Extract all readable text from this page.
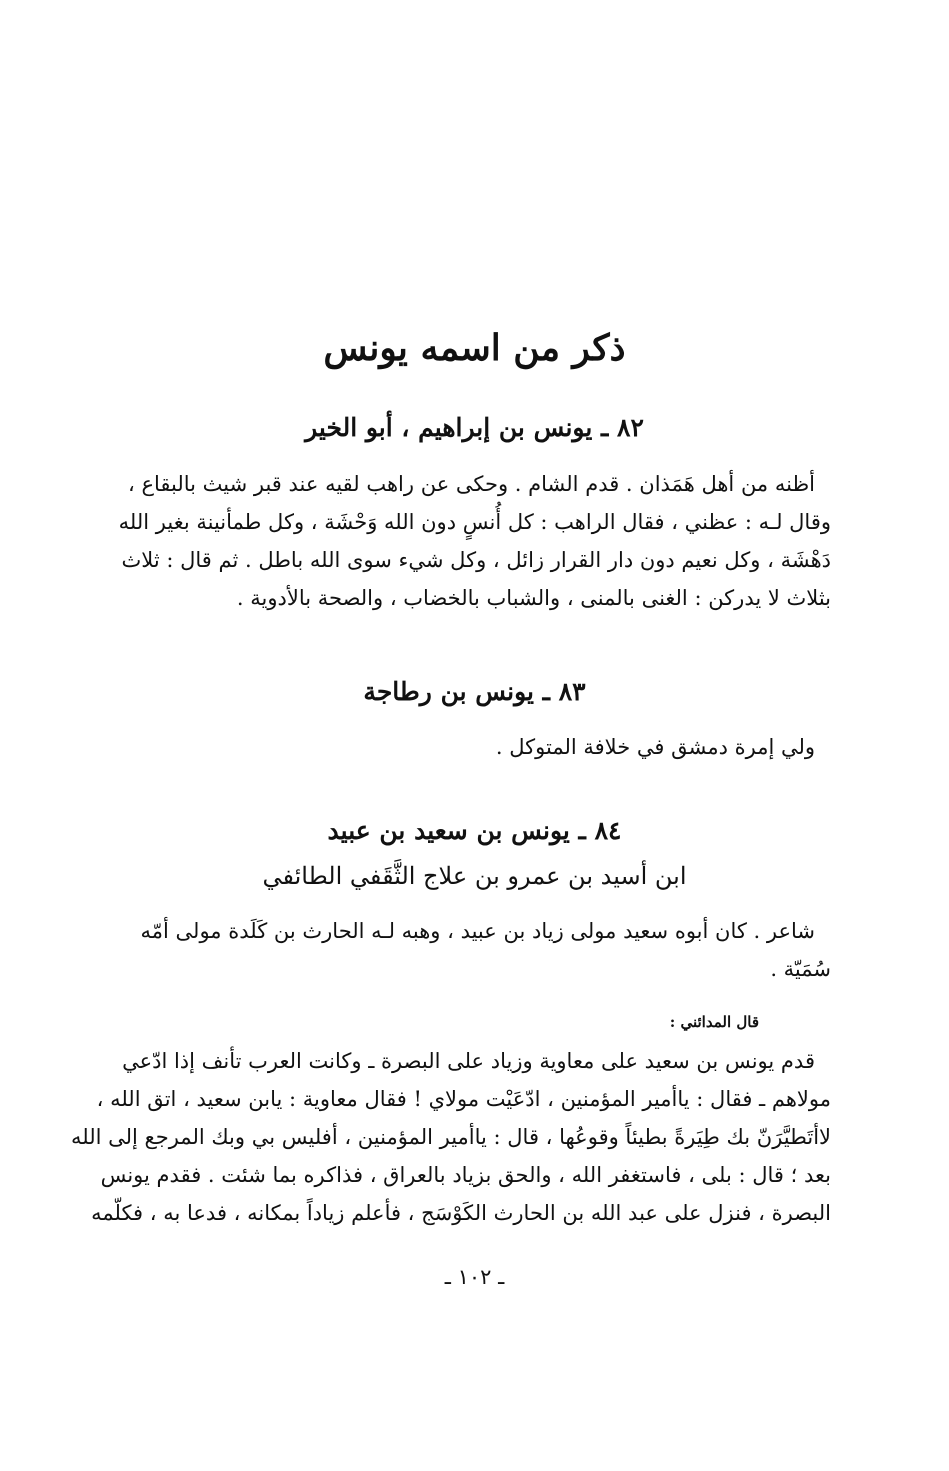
ذكر من اسمه يونس
٨٢ ـ يونس بن إبراهيم ، أبو الخير
أظنه من أهل هَمَذان . قدم الشام . وحكى عن راهب لقيه عند قبر شيث بالبقاع ،
وقال لـه : عظني ، فقال الراهب : كل أُنسٍ دون الله وَحْشَة ، وكل طمأنينة بغير الله
دَهْشَة ، وكل نعيم دون دار القرار زائل ، وكل شيء سوى الله باطل . ثم قال : ثلاث
بثلاث لا يدركن : الغنى بالمنى ، والشباب بالخضاب ، والصحة بالأدوية .
٨٣ ـ يونس بن رطاجة
ولي إمرة دمشق في خلافة المتوكل .
٨٤ ـ يونس بن سعيد بن عبيد
ابن أسيد بن عمرو بن علاج الثَّقَفي الطائفي
شاعر . كان أبوه سعيد مولى زياد بن عبيد ، وهبه لـه الحارث بن كَلَدة مولى أمّه
سُمَيّة .
قال المدائني :
قدم يونس بن سعيد على معاوية وزياد على البصرة ـ وكانت العرب تأنف إذا ادّعي
مولاهم ـ فقال : ياأمير المؤمنين ، ادّعَيْت مولاي ! فقال معاوية : يابن سعيد ، اتق الله ،
لاأتَطيَّرَنّ بك طِيَرةً بطيئاً وقوعُها ، قال : ياأمير المؤمنين ، أفليس بي وبك المرجع إلى الله
بعد ؛ قال : بلى ، فاستغفر الله ، والحق بزياد بالعراق ، فذاكره بما شئت . فقدم يونس
البصرة ، فنزل على عبد الله بن الحارث الكَوْسَج ، فأعلم زياداً بمكانه ، فدعا به ، فكلّمه
ـ ١٠٢ ـ
